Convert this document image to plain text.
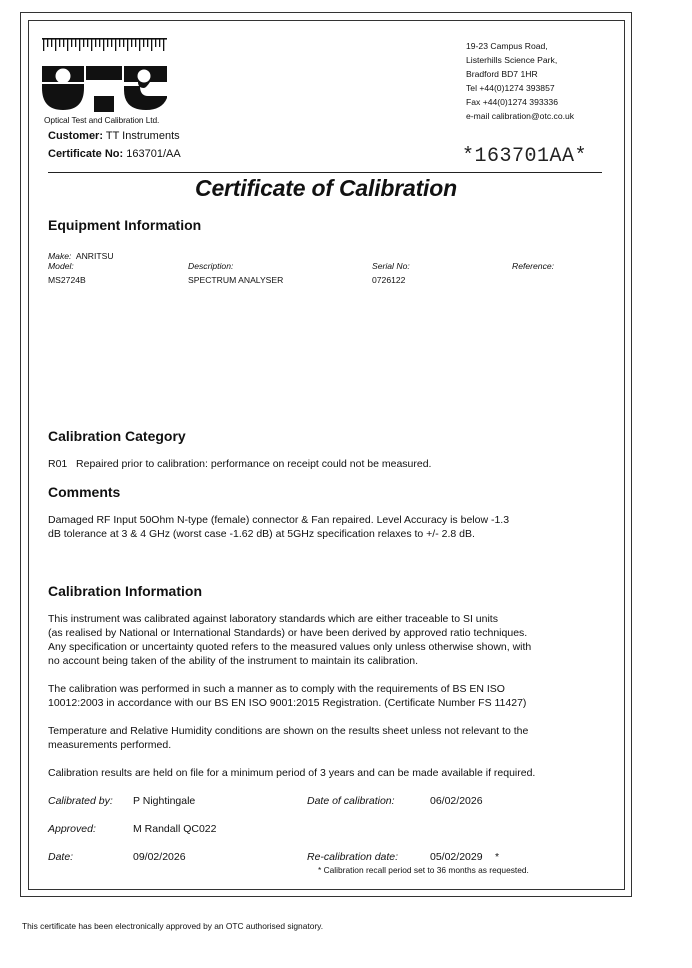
Optical Test and Calibration Ltd.
Customer: TT Instruments
Certificate No: 163701/AA
19-23 Campus Road,
Listerhills Science Park,
Bradford BD7 1HR
Tel +44(0)1274 393857
Fax +44(0)1274 393336
e-mail calibration@otc.co.uk
*163701AA*
Certificate of Calibration
Equipment Information
Make: ANRITSU
Model:
MS2724B
Description:
SPECTRUM ANALYSER
Serial No:
0726122
Reference:
Calibration Category
R01 Repaired prior to calibration: performance on receipt could not be measured.
Comments
Damaged RF Input 50Ohm N-type (female) connector & Fan repaired. Level Accuracy is below -1.3
dB tolerance at 3 & 4 GHz (worst case -1.62 dB) at 5GHz specification relaxes to +/- 2.8 dB.
Calibration Information
This instrument was calibrated against laboratory standards which are either traceable to SI units
(as realised by National or International Standards) or have been derived by approved ratio techniques.
Any specification or uncertainty quoted refers to the measured values only unless otherwise shown, with
no account being taken of the ability of the instrument to maintain its calibration.
The calibration was performed in such a manner as to comply with the requirements of BS EN ISO
10012:2003 in accordance with our BS EN ISO 9001:2015 Registration. (Certificate Number FS 11427)
Temperature and Relative Humidity conditions are shown on the results sheet unless not relevant to the
measurements performed.
Calibration results are held on file for a minimum period of 3 years and can be made available if required.
Calibrated by: P Nightingale	Date of calibration:	06/02/2026
Approved:	M Randall QC022
Date:	09/02/2026	Re-calibration date:	05/02/2029 *
* Calibration recall period set to 36 months as requested.
This certificate has been electronically approved by an OTC authorised signatory.
